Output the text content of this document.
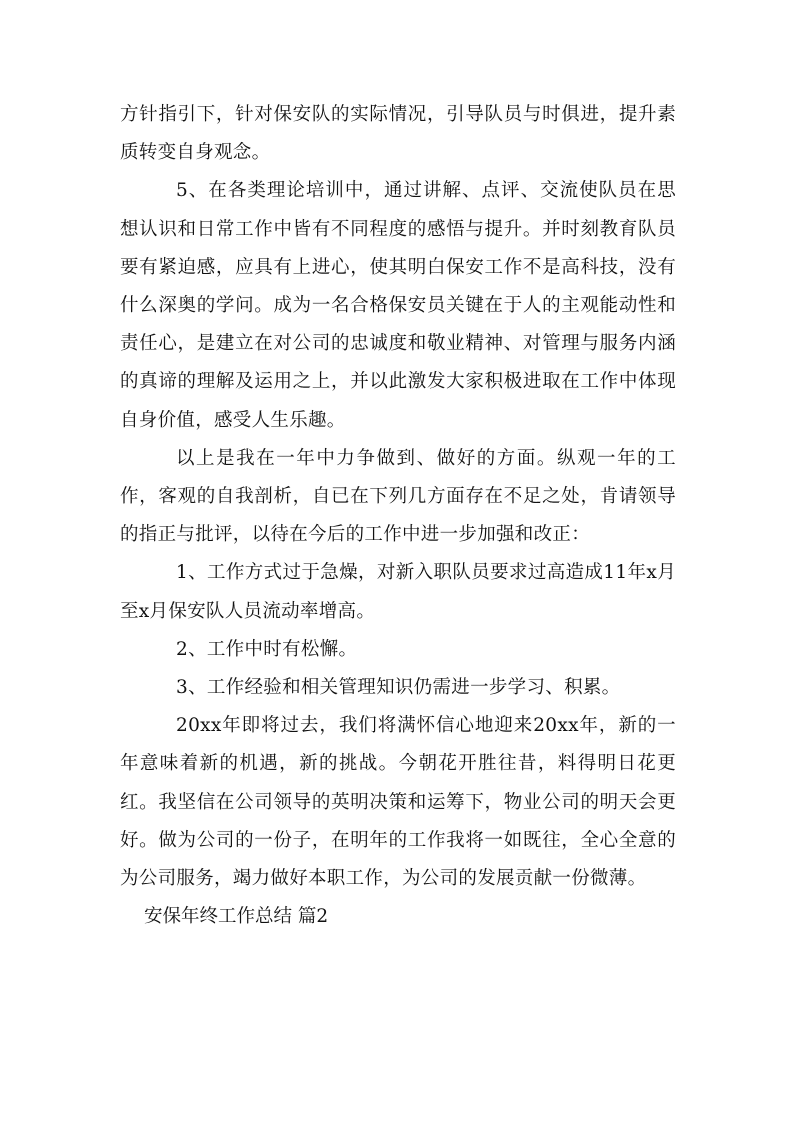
方针指引下，针对保安队的实际情况，引导队员与时俱进，提升素质转变自身观念。

5、在各类理论培训中，通过讲解、点评、交流使队员在思想认识和日常工作中皆有不同程度的感悟与提升。并时刻教育队员要有紧迫感，应具有上进心，使其明白保安工作不是高科技，没有什么深奥的学问。成为一名合格保安员关键在于人的主观能动性和责任心，是建立在对公司的忠诚度和敬业精神、对管理与服务内涵的真谛的理解及运用之上，并以此激发大家积极进取在工作中体现自身价值，感受人生乐趣。

以上是我在一年中力争做到、做好的方面。纵观一年的工作，客观的自我剖析，自已在下列几方面存在不足之处，肯请领导的指正与批评，以待在今后的工作中进一步加强和改正：

1、工作方式过于急燥，对新入职队员要求过高造成11年x月至x月保安队人员流动率增高。

2、工作中时有松懈。

3、工作经验和相关管理知识仍需进一步学习、积累。

20xx年即将过去，我们将满怀信心地迎来20xx年，新的一年意味着新的机遇，新的挑战。今朝花开胜往昔，料得明日花更红。我坚信在公司领导的英明决策和运筹下，物业公司的明天会更好。做为公司的一份子，在明年的工作我将一如既往，全心全意的为公司服务，竭力做好本职工作，为公司的发展贡献一份微薄。

安保年终工作总结 篇2
